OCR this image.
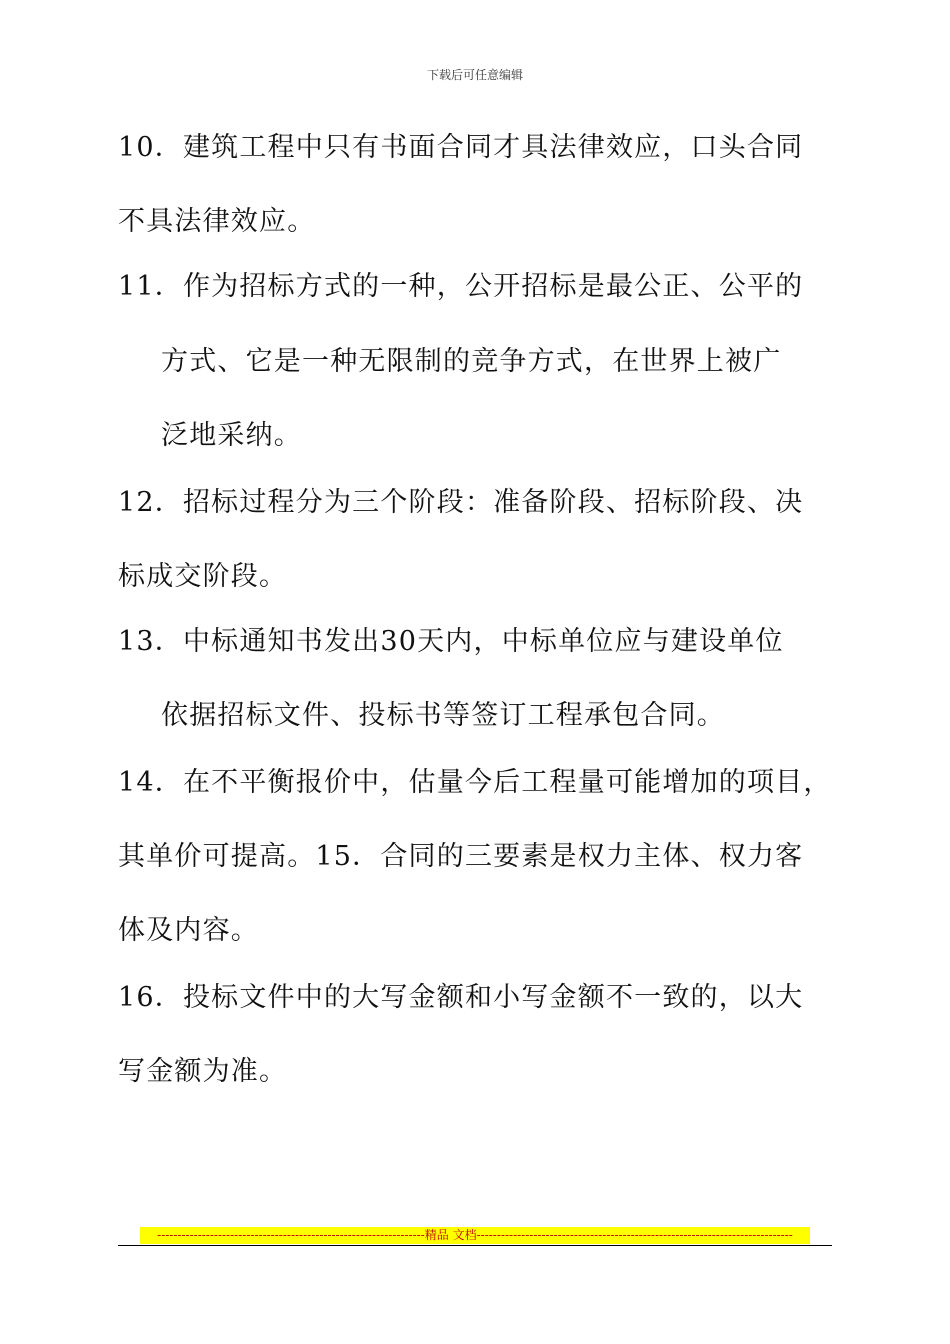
下载后可任意编辑
10．建筑工程中只有书面合同才具法律效应，口头合同
不具法律效应。
11．作为招标方式的一种，公开招标是最公正、公平的
方式、它是一种无限制的竞争方式，在世界上被广
泛地采纳。
12．招标过程分为三个阶段：准备阶段、招标阶段、决
标成交阶段。
13．中标通知书发出30天内，中标单位应与建设单位
依据招标文件、投标书等签订工程承包合同。
14．在不平衡报价中，估量今后工程量可能增加的项目，
其单价可提高。15．合同的三要素是权力主体、权力客
体及内容。
16．投标文件中的大写金额和小写金额不一致的，以大
写金额为准。
------------------------------------------------------------------精品 文档------------------------------------------------------------------------------
